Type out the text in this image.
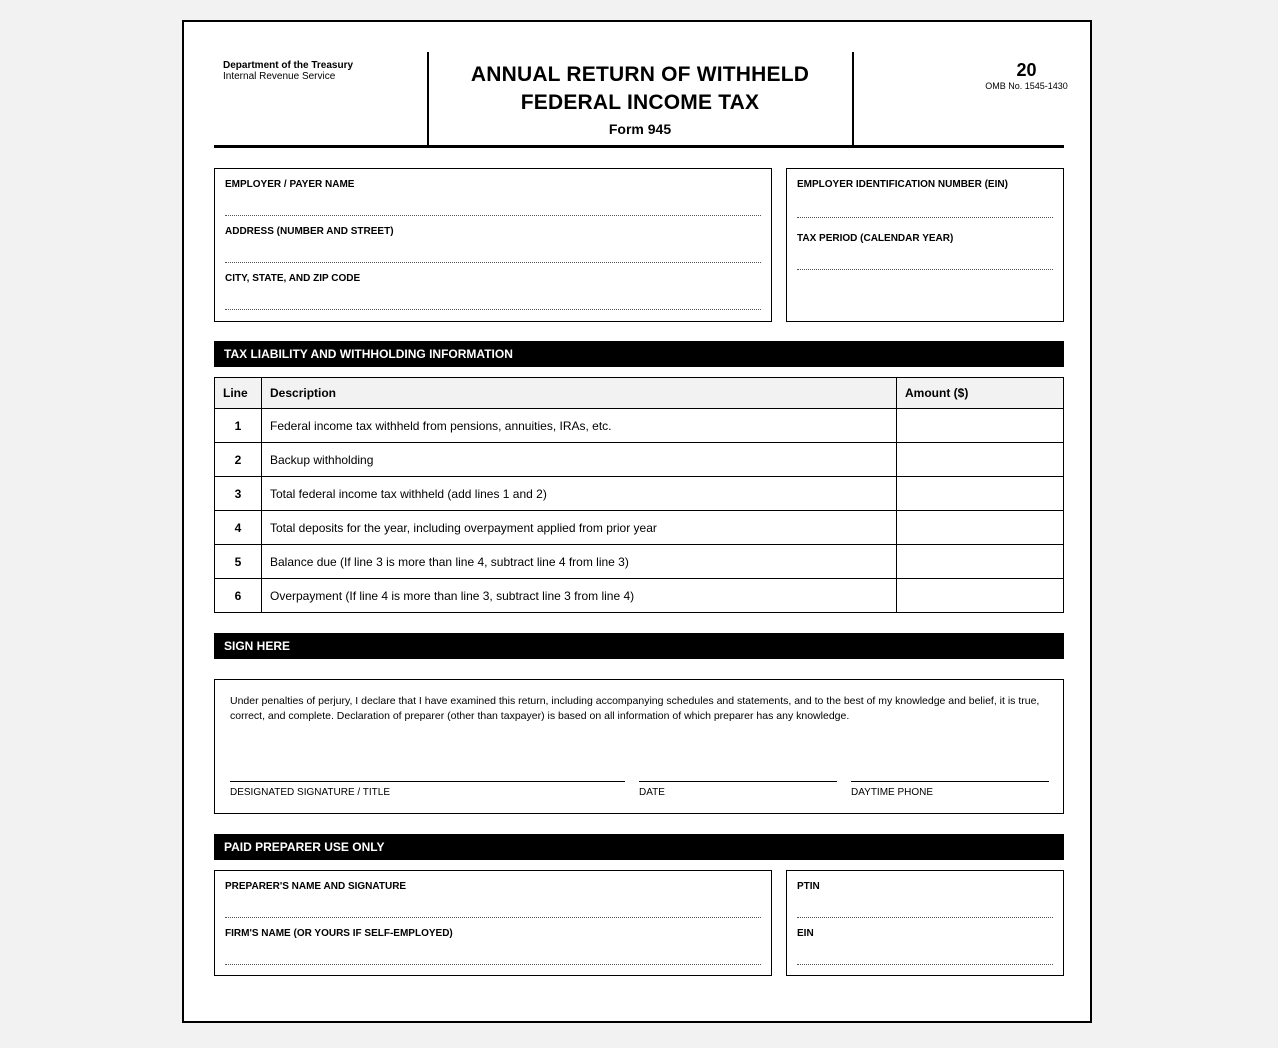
Department of the Treasury
Internal Revenue Service	ANNUAL RETURN OF WITHHELD
FEDERAL INCOME TAX
Form 945
20
OMB No. 1545-1430
EMPLOYER / PAYER NAME
ADDRESS (NUMBER AND STREET)
CITY, STATE, AND ZIP CODE
EMPLOYER IDENTIFICATION NUMBER (EIN)
TAX PERIOD (CALENDAR YEAR)
TAX LIABILITY AND WITHHOLDING INFORMATION
Line	Description	Amount ($)
1	Federal income tax withheld from pensions, annuities, IRAs, etc.	
2	Backup withholding	
3	Total federal income tax withheld (add lines 1 and 2)	
4	Total deposits for the year, including overpayment applied from prior year	
5	Balance due (If line 3 is more than line 4, subtract line 4 from line 3)	
6	Overpayment (If line 4 is more than line 3, subtract line 3 from line 4)	
SIGN HERE
Under penalties of perjury, I declare that I have examined this return, including accompanying schedules and statements, and to the best of my knowledge and belief, it is true, correct, and complete. Declaration of preparer (other than taxpayer) is based on all information of which preparer has any knowledge.
DESIGNATED SIGNATURE / TITLE	DATE	DAYTIME PHONE
PAID PREPARER USE ONLY
PREPARER'S NAME AND SIGNATURE
FIRM'S NAME (OR YOURS IF SELF-EMPLOYED)
PTIN
EIN
